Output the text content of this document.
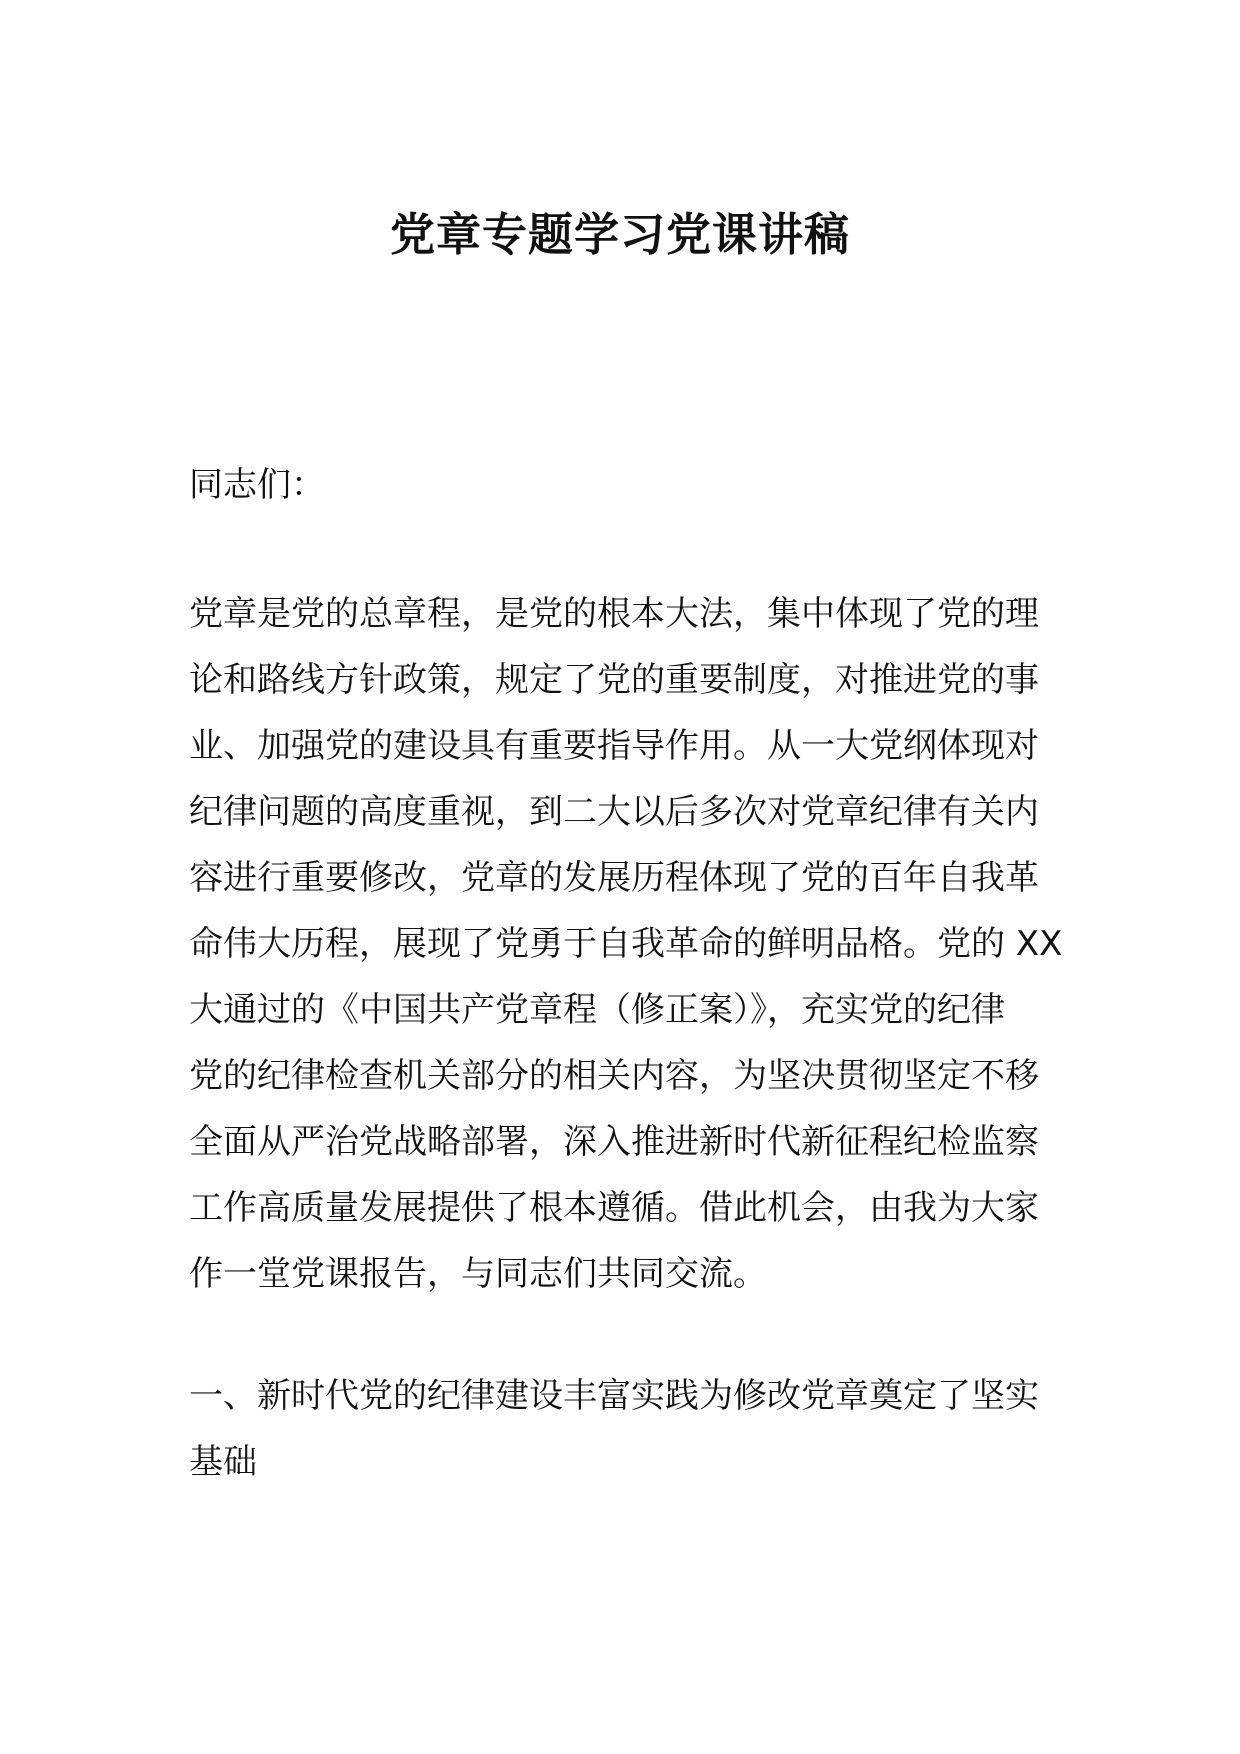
党章专题学习党课讲稿

同志们：

党章是党的总章程，是党的根本大法，集中体现了党的理
论和路线方针政策，规定了党的重要制度，对推进党的事
业、加强党的建设具有重要指导作用。从一大党纲体现对
纪律问题的高度重视，到二大以后多次对党章纪律有关内
容进行重要修改，党章的发展历程体现了党的百年自我革
命伟大历程，展现了党勇于自我革命的鲜明品格。党的 XX
大通过的《中国共产党章程（修正案）》，充实党的纪律
党的纪律检查机关部分的相关内容，为坚决贯彻坚定不移
全面从严治党战略部署，深入推进新时代新征程纪检监察
工作高质量发展提供了根本遵循。借此机会，由我为大家
作一堂党课报告，与同志们共同交流。
一、新时代党的纪律建设丰富实践为修改党章奠定了坚实
基础
